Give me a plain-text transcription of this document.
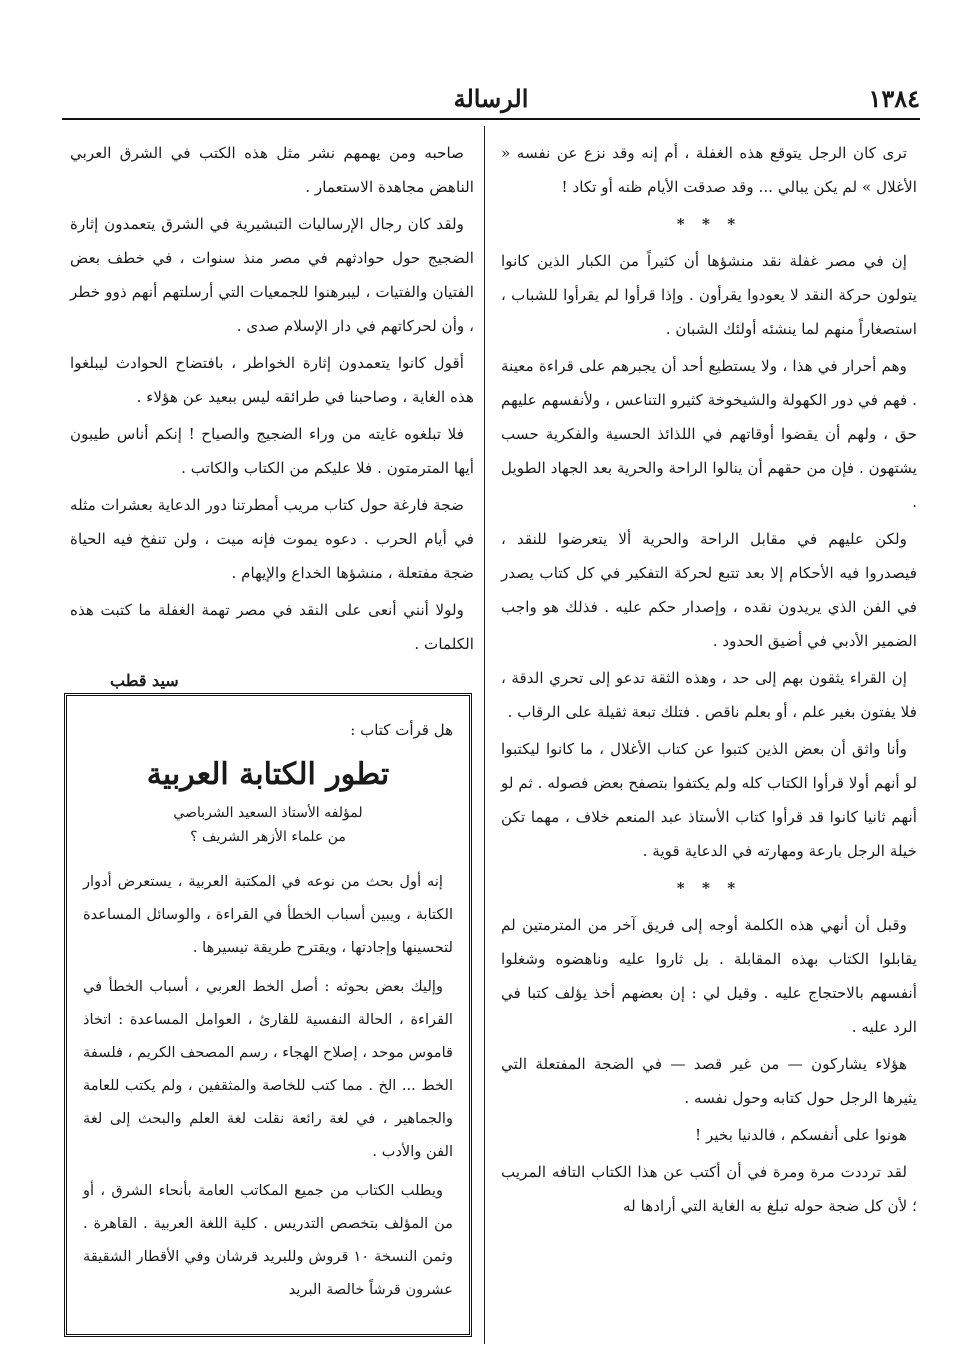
١٣٨٤
الرسالة

ترى كان الرجل يتوقع هذه الغفلة ، أم إنه وقد نزع عن نفسه « الأغلال » لم يكن يبالي ... وقد صدقت الأيام ظنه أو تكاد !

* * *

إن في مصر غفلة نقد منشؤها أن كثيراً من الكبار الذين كانوا يتولون حركة النقد لا يعودوا يقرأون . وإذا قرأوا لم يقرأوا للشباب ، استصغاراً منهم لما ينشئه أولئك الشبان .

وهم أحرار في هذا ، ولا يستطيع أحد أن يجبرهم على قراءة معينة . فهم في دور الكهولة والشيخوخة كثيرو التناعس ، ولأنفسهم عليهم حق ، ولهم أن يقضوا أوقاتهم في اللذائذ الحسية والفكرية حسب يشتهون . فإن من حقهم أن ينالوا الراحة والحرية بعد الجهاد الطويل .

ولكن عليهم في مقابل الراحة والحرية ألا يتعرضوا للنقد ، فيصدروا فيه الأحكام إلا بعد تتبع لحركة التفكير في كل كتاب يصدر في الفن الذي يريدون نقده ، وإصدار حكم عليه . فذلك هو واجب الضمير الأدبي في أضيق الحدود .

إن القراء يثقون بهم إلى حد ، وهذه الثقة تدعو إلى تحري الدقة ، فلا يفتون بغير علم ، أو بعلم ناقص . فتلك تبعة ثقيلة على الرقاب .

وأنا واثق أن بعض الذين كتبوا عن كتاب الأغلال ، ما كانوا ليكتبوا لو أنهم أولا قرأوا الكتاب كله ولم يكتفوا بتصفح بعض فصوله . ثم لو أنهم ثانيا كانوا قد قرأوا كتاب الأستاذ عبد المنعم خلاف ، مهما تكن خيلة الرجل بارعة ومهارته في الدعاية قوية .

* * *

وقبل أن أنهي هذه الكلمة أوجه إلى فريق آخر من المترمتين لم يقابلوا الكتاب بهذه المقابلة . بل ثاروا عليه وناهضوه وشغلوا أنفسهم بالاحتجاج عليه . وقيل لي : إن بعضهم أخذ يؤلف كتبا في الرد عليه .

هؤلاء يشاركون — من غير قصد — في الضجة المفتعلة التي يثيرها الرجل حول كتابه وحول نفسه .

هونوا على أنفسكم ، فالدنيا بخير !

لقد ترددت مرة ومرة في أن أكتب عن هذا الكتاب التافه المريب ؛ لأن كل ضجة حوله تبلغ به الغاية التي أرادها له

صاحبه ومن يهمهم نشر مثل هذه الكتب في الشرق العربي الناهض مجاهدة الاستعمار .

ولقد كان رجال الإرساليات التبشيرية في الشرق يتعمدون إثارة الضجيج حول حوادثهم في مصر منذ سنوات ، في خطف بعض الفتيان والفتيات ، ليبرهنوا للجمعيات التي أرسلتهم أنهم ذوو خطر ، وأن لحركاتهم في دار الإسلام صدى .

أقول كانوا يتعمدون إثارة الخواطر ، بافتضاح الحوادث ليبلغوا هذه الغاية ، وصاحبنا في طرائقه ليس ببعيد عن هؤلاء .

فلا تبلغوه غايته من وراء الضجيج والصياح ! إنكم أناس طيبون أيها المترمتون . فلا عليكم من الكتاب والكاتب .

ضجة فارغة حول كتاب مريب أمطرتنا دور الدعاية بعشرات مثله في أيام الحرب . دعوه يموت فإنه ميت ، ولن تنفخ فيه الحياة ضجة مفتعلة ، منشؤها الخداع والإيهام .

ولولا أنني أنعى على النقد في مصر تهمة الغفلة ما كتبت هذه الكلمات .

سيد قطب

هل قرأت كتاب :
تطور الكتابة العربية
لمؤلفه الأستاذ السعيد الشرباصي
من علماء الأزهر الشريف ؟

إنه أول بحث من نوعه في المكتبة العربية ، يستعرض أدوار الكتابة ، ويبين أسباب الخطأ في القراءة ، والوسائل المساعدة لتحسينها وإجادتها ، ويقترح طريقة تيسيرها .

وإليك بعض بحوثه : أصل الخط العربي ، أسباب الخطأ في القراءة ، الحالة النفسية للقارئ ، العوامل المساعدة : اتخاذ قاموس موحد ، إصلاح الهجاء ، رسم المصحف الكريم ، فلسفة الخط ... الخ . مما كتب للخاصة والمثقفين ، ولم يكتب للعامة والجماهير ، في لغة رائعة نقلت لغة العلم والبحث إلى لغة الفن والأدب .

ويطلب الكتاب من جميع المكاتب العامة بأنحاء الشرق ، أو من المؤلف بتخصص التدريس . كلية اللغة العربية . القاهرة . وثمن النسخة ١٠ قروش وللبريد قرشان وفي الأقطار الشقيقة عشرون قرشاً خالصة البريد
